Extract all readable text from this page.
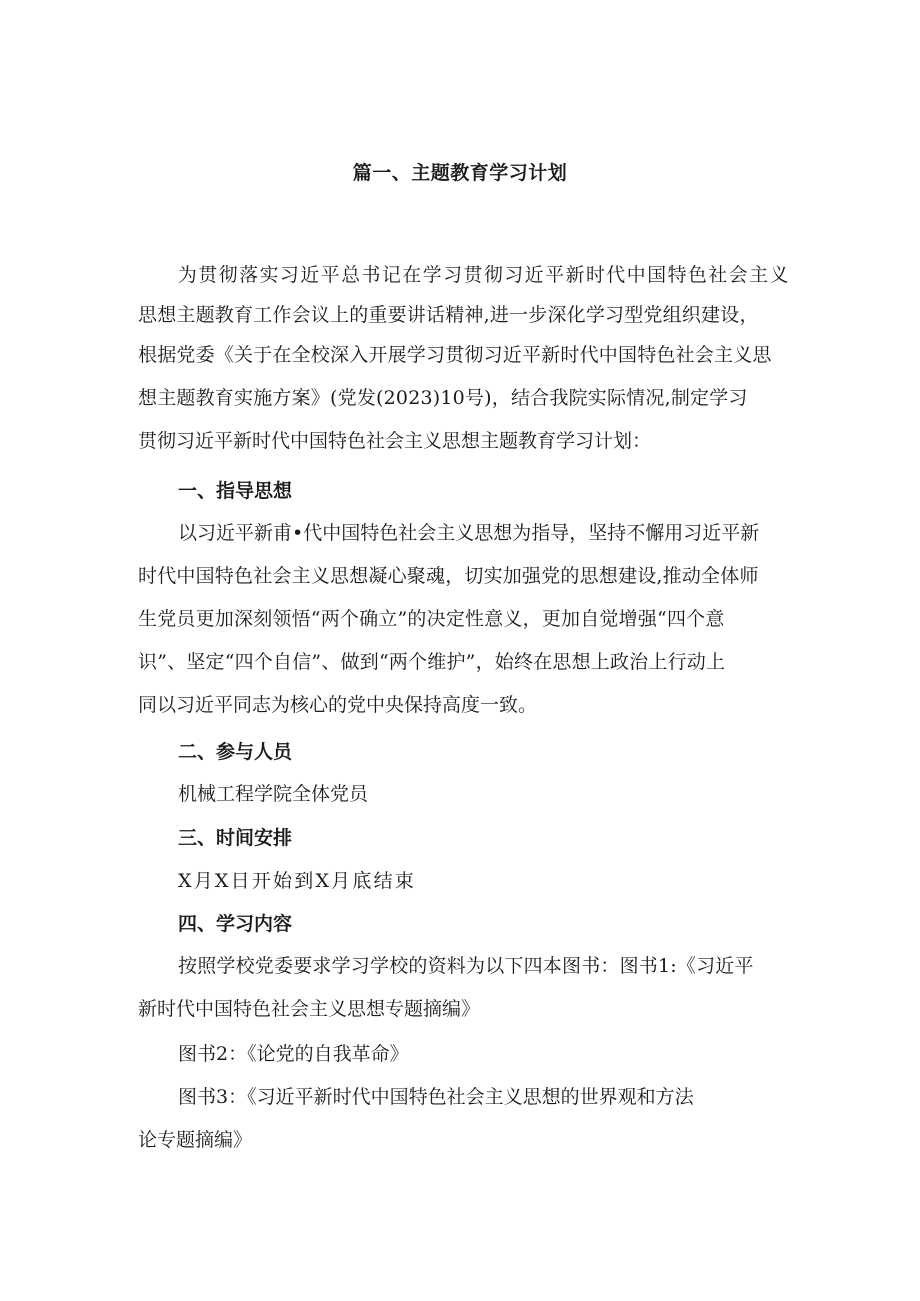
篇一、主题教育学习计划
为贯彻落实习近平总书记在学习贯彻习近平新时代中国特色社会主义
思想主题教育工作会议上的重要讲话精神,进一步深化学习型党组织建设，
根据党委《关于在全校深入开展学习贯彻习近平新时代中国特色社会主义思
想主题教育实施方案》(党发(2023)10号)，结合我院实际情况,制定学习
贯彻习近平新时代中国特色社会主义思想主题教育学习计划：
一、指导思想
以习近平新甫•代中国特色社会主义思想为指导，坚持不懈用习近平新
时代中国特色社会主义思想凝心聚魂，切实加强党的思想建设,推动全体师
生党员更加深刻领悟“两个确立”的决定性意义，更加自觉增强“四个意
识”、坚定“四个自信”、做到“两个维护”，始终在思想上政治上行动上
同以习近平同志为核心的党中央保持高度一致。
二、参与人员
机械工程学院全体党员
三、时间安排
X月X日开始到X月底结束
四、学习内容
按照学校党委要求学习学校的资料为以下四本图书：图书1:《习近平
新时代中国特色社会主义思想专题摘编》
图书2：《论党的自我革命》
图书3：《习近平新时代中国特色社会主义思想的世界观和方法
论专题摘编》
